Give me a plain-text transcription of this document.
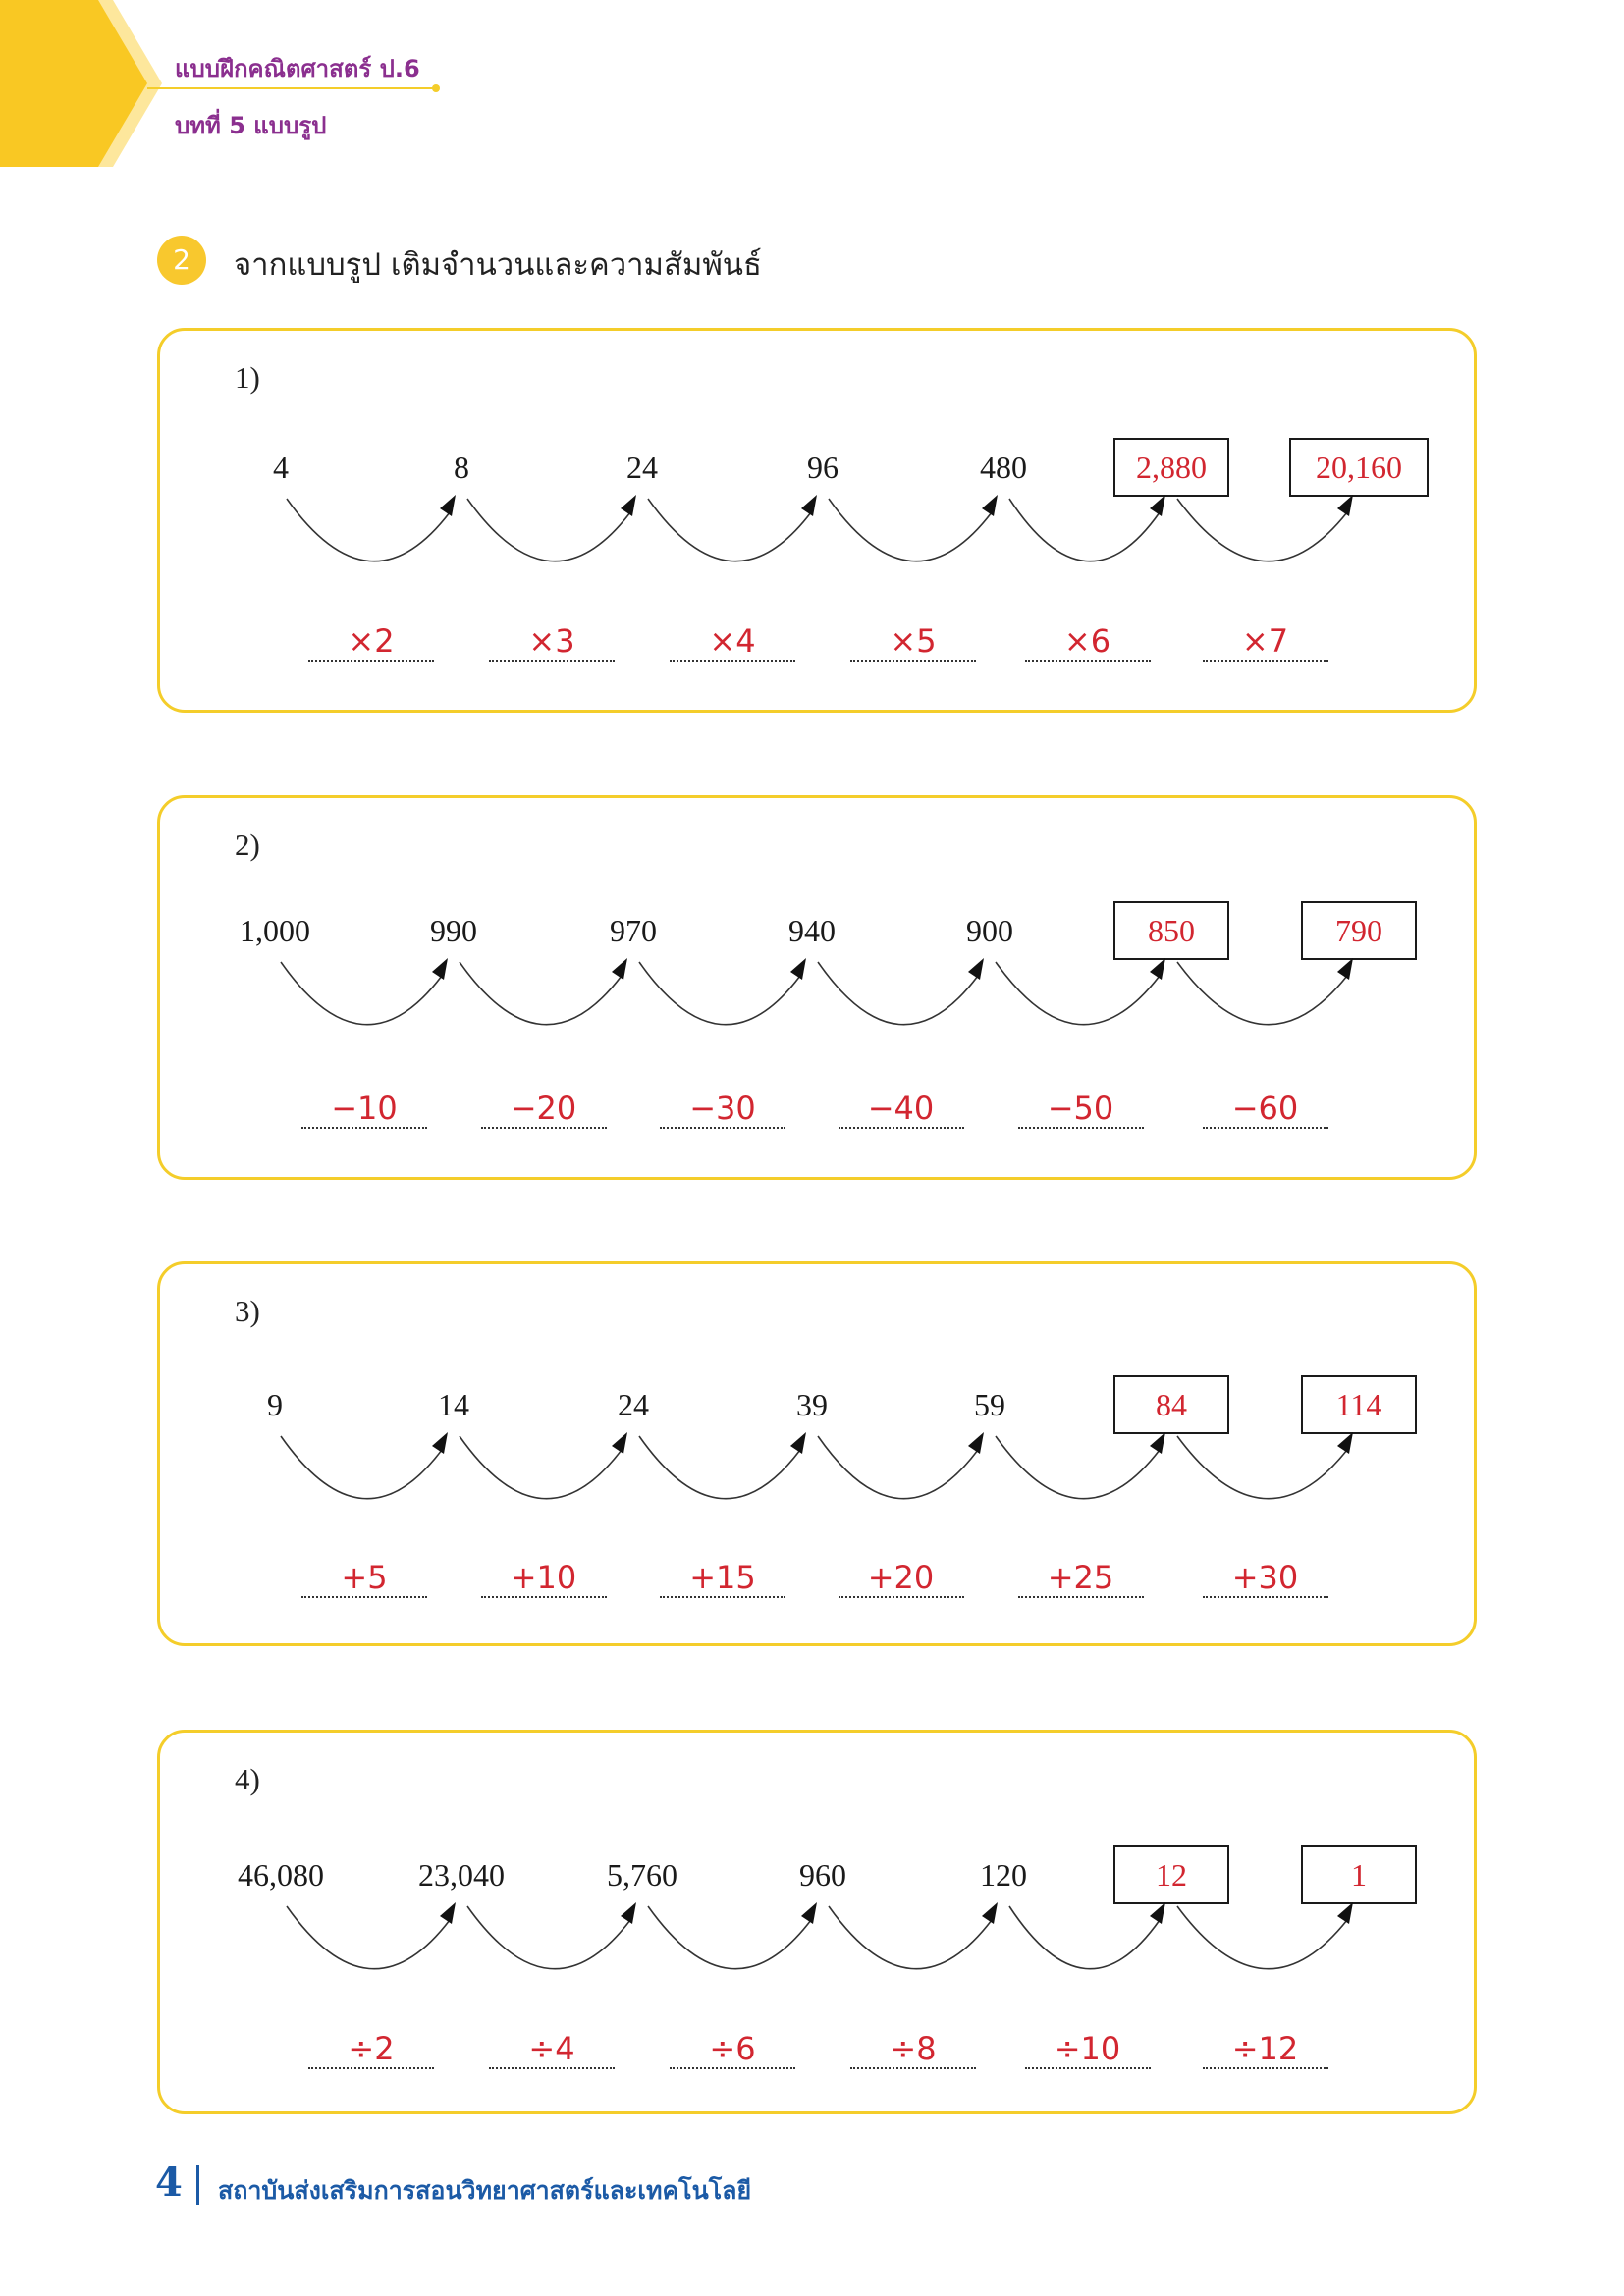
แบบฝึกคณิตศาสตร์ ป.6
บทที่ 5 แบบรูป
2	จากแบบรูป เติมจำนวนและความสัมพันธ์
1)
2)
3)
4)
4 สถาบันส่งเสริมการสอนวิทยาศาสตร์และเทคโนโลยี
4	8	24	96	480	2,880	20,160
×2	×3	×4	×5	×6	×7
1,000	990	970	940	900	850	790
−10	−20	−30	−40	−50	−60
9	14	24	39	59	84	114
+5	+10	+15	+20	+25	+30
46,080	23,040	5,760	960	120	12	1
÷2	÷4	÷6	÷8	÷10	÷12
